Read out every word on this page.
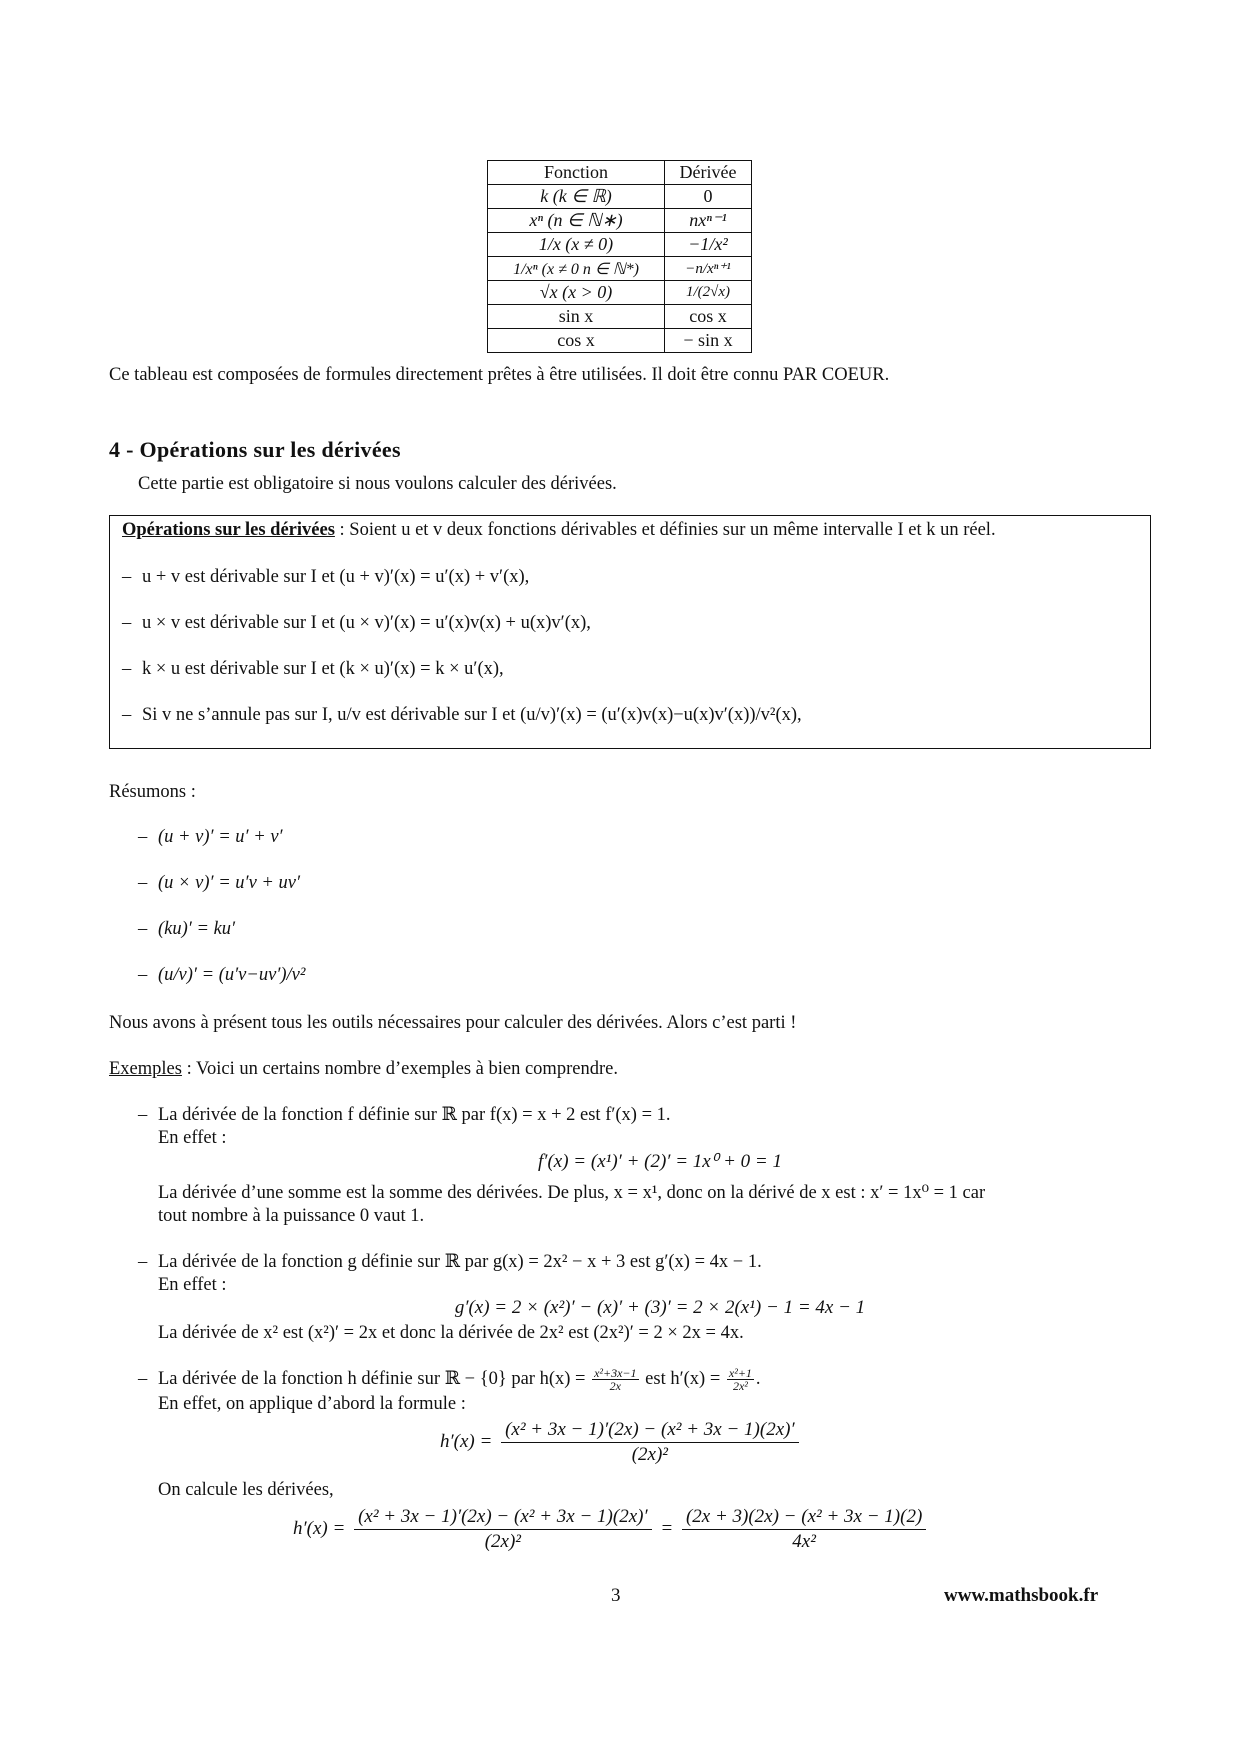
Fonction	Dérivée
k (k ∈ ℝ)	0
xⁿ (n ∈ ℕ∗)	nxⁿ⁻¹
1/x (x ≠ 0)	−1/x²
1/xⁿ (x ≠ 0 n ∈ ℕ*)	−n/xⁿ⁺¹
√x (x > 0)	1/(2√x)
sin x	cos x
cos x	− sin x
Ce tableau est composées de formules directement prêtes à être utilisées. Il doit être connu PAR COEUR.
4 - Opérations sur les dérivées
Cette partie est obligatoire si nous voulons calculer des dérivées.
Opérations sur les dérivées : Soient u et v deux fonctions dérivables et définies sur un même intervalle I et k un réel.
– u + v est dérivable sur I et (u + v)′(x) = u′(x) + v′(x),
– u × v est dérivable sur I et (u × v)′(x) = u′(x)v(x) + u(x)v′(x),
– k × u est dérivable sur I et (k × u)′(x) = k × u′(x),
– Si v ne s’annule pas sur I, u/v est dérivable sur I et (u/v)′(x) = (u′(x)v(x)−u(x)v′(x))/v²(x),
Résumons :
– (u + v)′ = u′ + v′
– (u × v)′ = u′v + uv′
– (ku)′ = ku′
– (u/v)′ = (u′v−uv′)/v²
Nous avons à présent tous les outils nécessaires pour calculer des dérivées. Alors c’est parti !
Exemples : Voici un certains nombre d’exemples à bien comprendre.
– La dérivée de la fonction f définie sur ℝ par f(x) = x + 2 est f′(x) = 1.
En effet :
f′(x) = (x¹)′ + (2)′ = 1x⁰ + 0 = 1
La dérivée d’une somme est la somme des dérivées. De plus, x = x¹, donc on la dérivé de x est : x′ = 1x⁰ = 1 car
tout nombre à la puissance 0 vaut 1.
– La dérivée de la fonction g définie sur ℝ par g(x) = 2x² − x + 3 est g′(x) = 4x − 1.
En effet :
g′(x) = 2 × (x²)′ − (x)′ + (3)′ = 2 × 2(x¹) − 1 = 4x − 1
La dérivée de x² est (x²)′ = 2x et donc la dérivée de 2x² est (2x²)′ = 2 × 2x = 4x.
– La dérivée de la fonction h définie sur ℝ − {0} par $h(x) = \frac{\text{x²+3x−1}}{2x}$ est $h'(x) = \frac{\text{x²+1}}{\text{2x²}}$ .
En effet, on applique d’abord la formule :
$h'(x) = \frac{\text{(x² + 3x − 1)′(2x) − (x² + 3x − 1)(2x)′}}{\text{(2x)²}}$
On calcule les dérivées,
$h'(x) = \frac{\text{(x² + 3x − 1)′(2x) − (x² + 3x − 1)(2x)′}}{\text{(2x)²}} = \frac{\text{(2x + 3)(2x) − (x² + 3x − 1)(2)}}{\text{4x²}}$
3	www.mathsbook.fr
